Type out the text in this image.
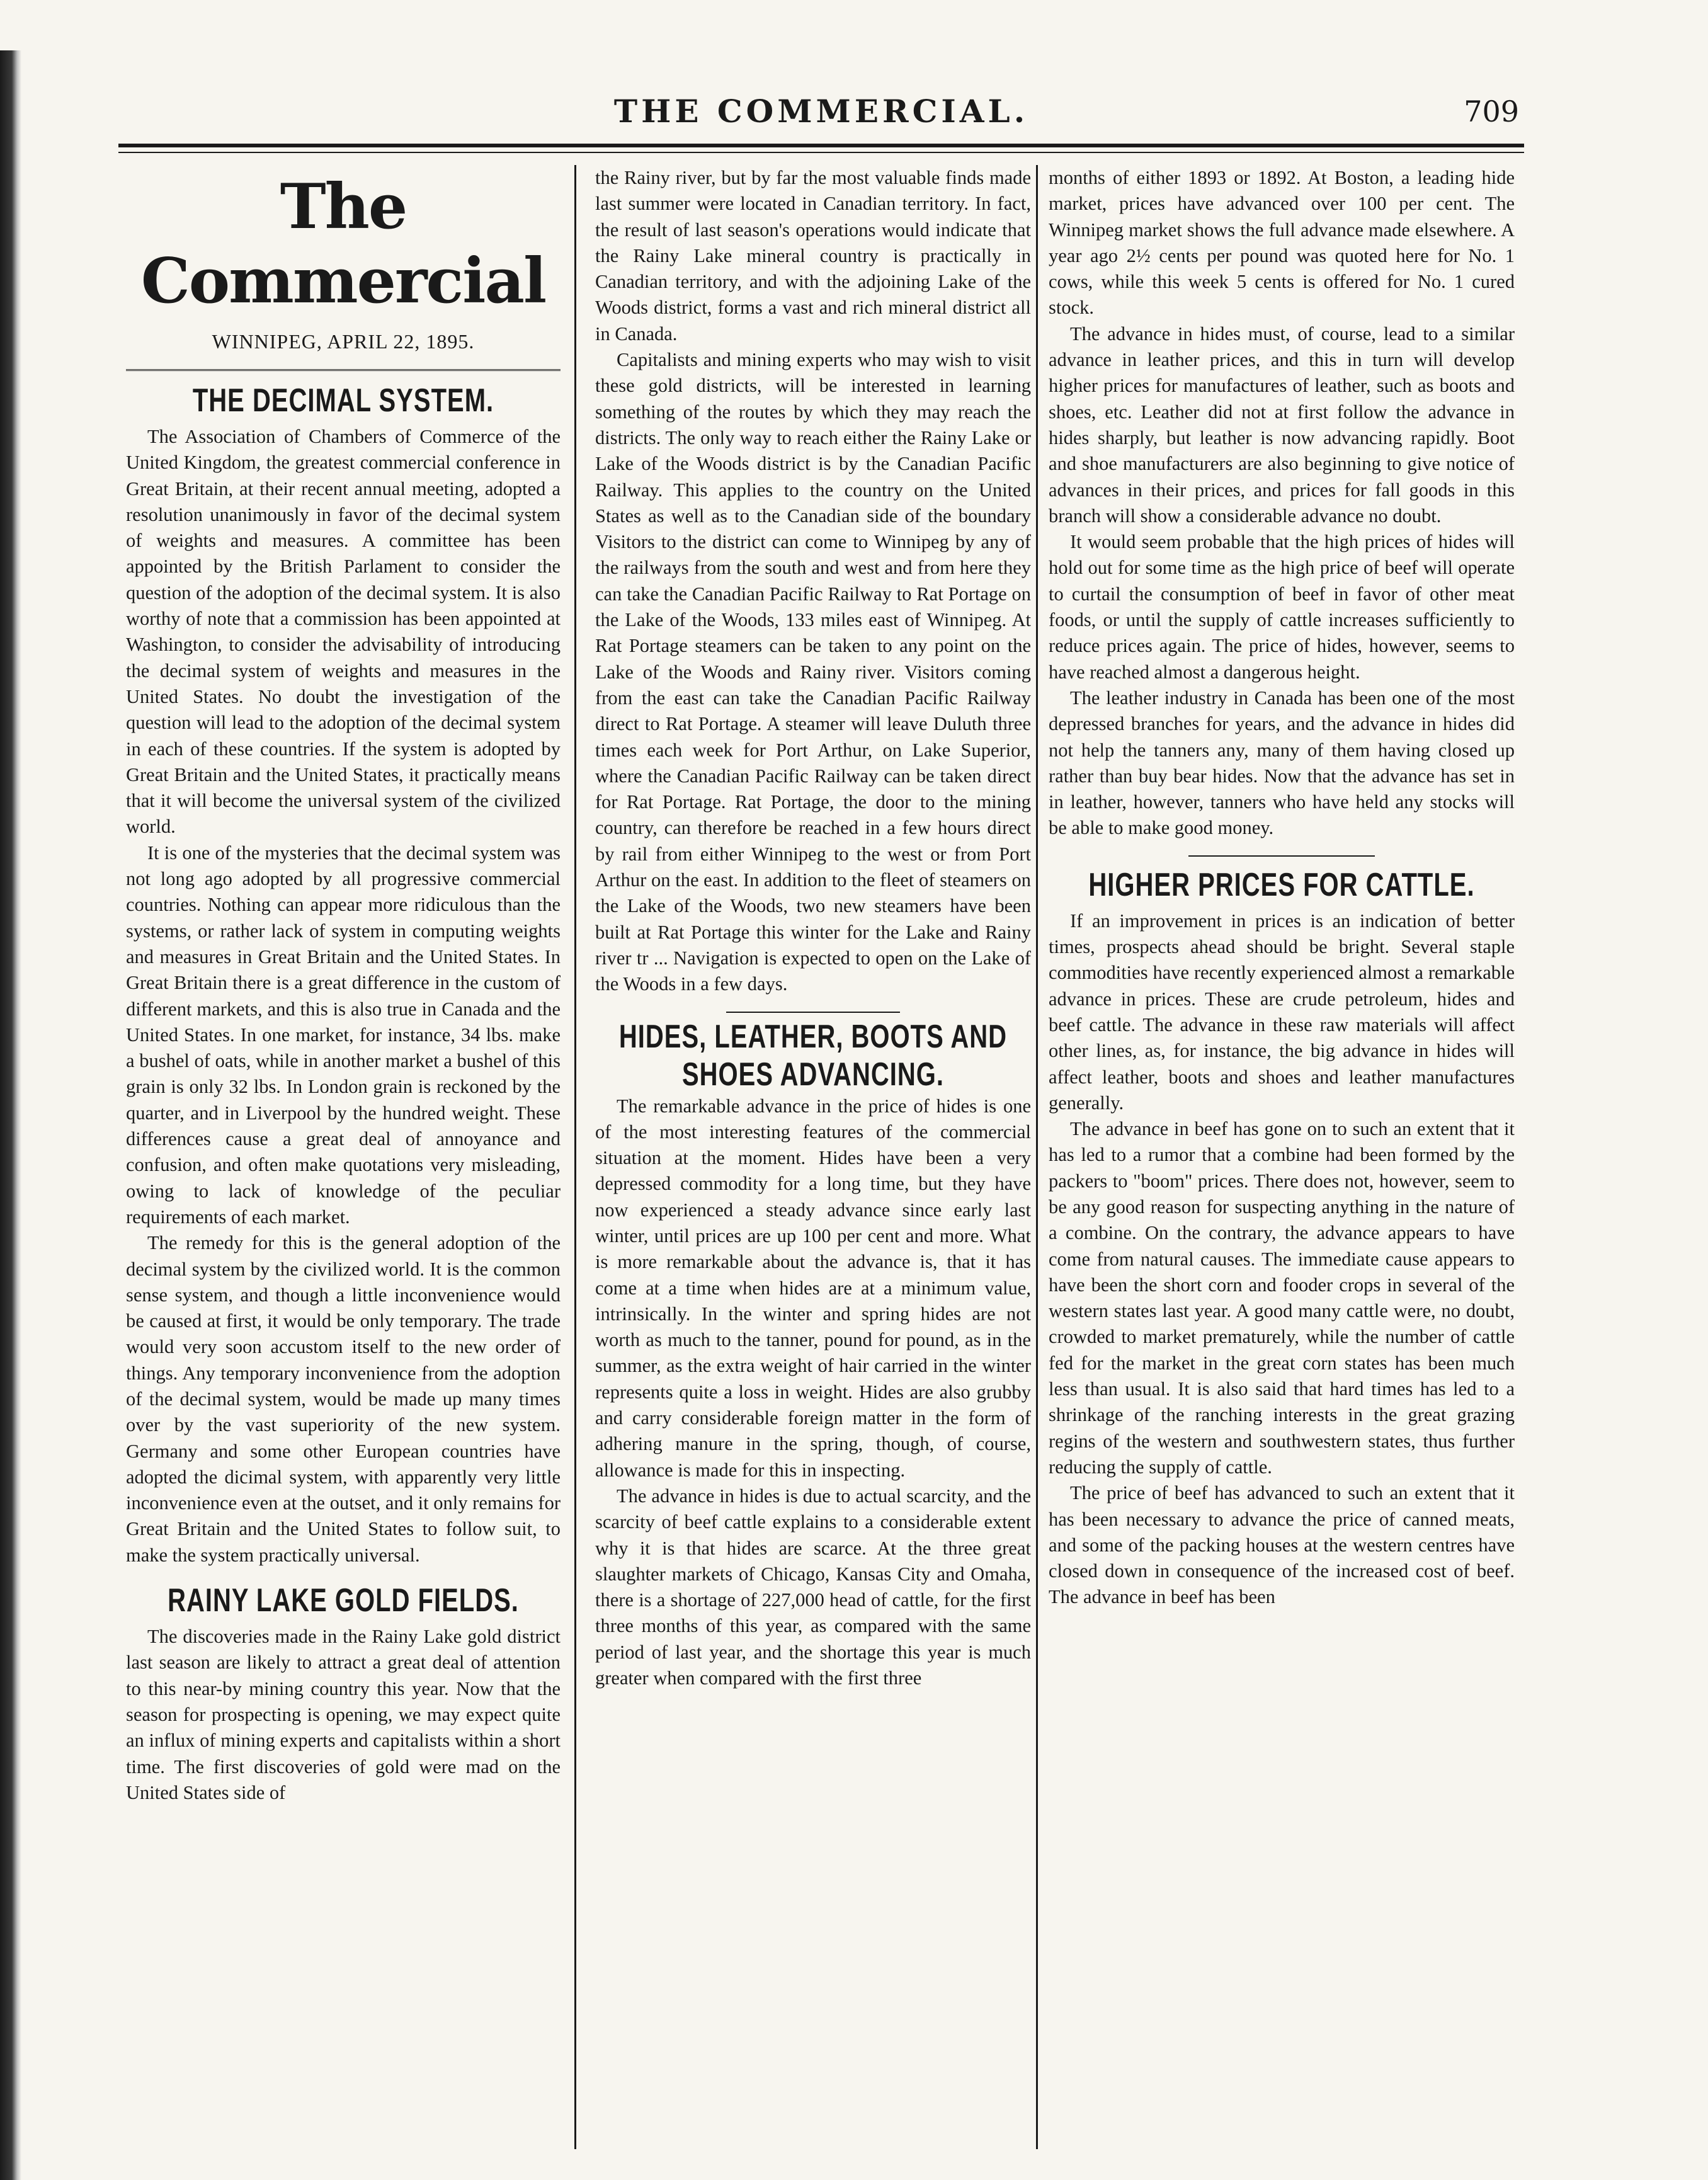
THE COMMERCIAL.	709
The Commercial
WINNIPEG, APRIL 22, 1895.
THE DECIMAL SYSTEM.

The Association of Chambers of Commerce of the United Kingdom, the greatest commercial conference in Great Britain, at their recent annual meeting, adopted a resolution unanimously in favor of the decimal system of weights and measures. A committee has been appointed by the British Parlament to consider the question of the adoption of the decimal system. It is also worthy of note that a commission has been appointed at Washington, to consider the advisability of introducing the decimal system of weights and measures in the United States. No doubt the investigation of the question will lead to the adoption of the decimal system in each of these countries. If the system is adopted by Great Britain and the United States, it practically means that it will become the universal system of the civilized world.

It is one of the mysteries that the decimal system was not long ago adopted by all progressive commercial countries. Nothing can appear more ridiculous than the systems, or rather lack of system in computing weights and measures in Great Britain and the United States. In Great Britain there is a great difference in the custom of different markets, and this is also true in Canada and the United States. In one market, for instance, 34 lbs. make a bushel of oats, while in another market a bushel of this grain is only 32 lbs. In London grain is reckoned by the quarter, and in Liverpool by the hundred weight. These differences cause a great deal of annoyance and confusion, and often make quotations very misleading, owing to lack of knowledge of the peculiar requirements of each market.

The remedy for this is the general adoption of the decimal system by the civilized world. It is the common sense system, and though a little inconvenience would be caused at first, it would be only temporary. The trade would very soon accustom itself to the new order of things. Any temporary inconvenience from the adoption of the decimal system, would be made up many times over by the vast superiority of the new system. Germany and some other European countries have adopted the dicimal system, with apparently very little inconvenience even at the outset, and it only remains for Great Britain and the United States to follow suit, to make the system practically universal.

RAINY LAKE GOLD FIELDS.

The discoveries made in the Rainy Lake gold district last season are likely to attract a great deal of attention to this near-by mining country this year. Now that the season for prospecting is opening, we may expect quite an influx of mining experts and capitalists within a short time. The first discoveries of gold were mad on the United States side of

the Rainy river, but by far the most valuable finds made last summer were located in Canadian territory. In fact, the result of last season's operations would indicate that the Rainy Lake mineral country is practically in Canadian territory, and with the adjoining Lake of the Woods district, forms a vast and rich mineral district all in Canada.

Capitalists and mining experts who may wish to visit these gold districts, will be interested in learning something of the routes by which they may reach the districts. The only way to reach either the Rainy Lake or Lake of the Woods district is by the Canadian Pacific Railway. This applies to the country on the United States as well as to the Canadian side of the boundary Visitors to the district can come to Winnipeg by any of the railways from the south and west and from here they can take the Canadian Pacific Railway to Rat Portage on the Lake of the Woods, 133 miles east of Winnipeg. At Rat Portage steamers can be taken to any point on the Lake of the Woods and Rainy river. Visitors coming from the east can take the Canadian Pacific Railway direct to Rat Portage. A steamer will leave Duluth three times each week for Port Arthur, on Lake Superior, where the Canadian Pacific Railway can be taken direct for Rat Portage. Rat Portage, the door to the mining country, can therefore be reached in a few hours direct by rail from either Winnipeg to the west or from Port Arthur on the east. In addition to the fleet of steamers on the Lake of the Woods, two new steamers have been built at Rat Portage this winter for the Lake and Rainy river tr ... Navigation is expected to open on the Lake of the Woods in a few days.

HIDES, LEATHER, BOOTS AND SHOES ADVANCING.

The remarkable advance in the price of hides is one of the most interesting features of the commercial situation at the moment. Hides have been a very depressed commodity for a long time, but they have now experienced a steady advance since early last winter, until prices are up 100 per cent and more. What is more remarkable about the advance is, that it has come at a time when hides are at a minimum value, intrinsically. In the winter and spring hides are not worth as much to the tanner, pound for pound, as in the summer, as the extra weight of hair carried in the winter represents quite a loss in weight. Hides are also grubby and carry considerable foreign matter in the form of adhering manure in the spring, though, of course, allowance is made for this in inspecting.

The advance in hides is due to actual scarcity, and the scarcity of beef cattle explains to a considerable extent why it is that hides are scarce. At the three great slaughter markets of Chicago, Kansas City and Omaha, there is a shortage of 227,000 head of cattle, for the first three months of this year, as compared with the same period of last year, and the shortage this year is much greater when compared with the first three

months of either 1893 or 1892. At Boston, a leading hide market, prices have advanced over 100 per cent. The Winnipeg market shows the full advance made elsewhere. A year ago 2½ cents per pound was quoted here for No. 1 cows, while this week 5 cents is offered for No. 1 cured stock.

The advance in hides must, of course, lead to a similar advance in leather prices, and this in turn will develop higher prices for manufactures of leather, such as boots and shoes, etc. Leather did not at first follow the advance in hides sharply, but leather is now advancing rapidly. Boot and shoe manufacturers are also beginning to give notice of advances in their prices, and prices for fall goods in this branch will show a considerable advance no doubt.

It would seem probable that the high prices of hides will hold out for some time as the high price of beef will operate to curtail the consumption of beef in favor of other meat foods, or until the supply of cattle increases sufficiently to reduce prices again. The price of hides, however, seems to have reached almost a dangerous height.

The leather industry in Canada has been one of the most depressed branches for years, and the advance in hides did not help the tanners any, many of them having closed up rather than buy bear hides. Now that the advance has set in in leather, however, tanners who have held any stocks will be able to make good money.

HIGHER PRICES FOR CATTLE.

If an improvement in prices is an indication of better times, prospects ahead should be bright. Several staple commodities have recently experienced almost a remarkable advance in prices. These are crude petroleum, hides and beef cattle. The advance in these raw materials will affect other lines, as, for instance, the big advance in hides will affect leather, boots and shoes and leather manufactures generally.

The advance in beef has gone on to such an extent that it has led to a rumor that a combine had been formed by the packers to "boom" prices. There does not, however, seem to be any good reason for suspecting anything in the nature of a combine. On the contrary, the advance appears to have come from natural causes. The immediate cause appears to have been the short corn and fooder crops in several of the western states last year. A good many cattle were, no doubt, crowded to market prematurely, while the number of cattle fed for the market in the great corn states has been much less than usual. It is also said that hard times has led to a shrinkage of the ranching interests in the great grazing regins of the western and southwestern states, thus further reducing the supply of cattle.

The price of beef has advanced to such an extent that it has been necessary to advance the price of canned meats, and some of the packing houses at the western centres have closed down in consequence of the increased cost of beef. The advance in beef has been
